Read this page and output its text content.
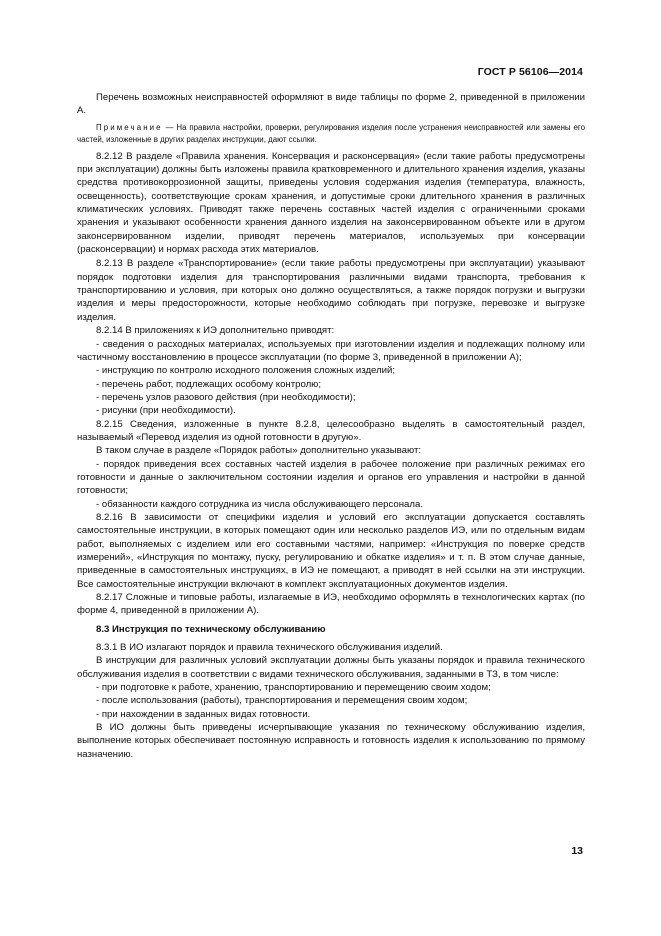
ГОСТ Р 56106—2014

Перечень возможных неисправностей оформляют в виде таблицы по форме 2, приведенной в приложении А.

Примечание — На правила настройки, проверки, регулирования изделия после устранения неисправностей или замены его частей, изложенные в других разделах инструкции, дают ссылки.

8.2.12 В разделе «Правила хранения. Консервация и расконсервация» (если такие работы предусмотрены при эксплуатации) должны быть изложены правила кратковременного и длительного хранения изделия, указаны средства противокоррозионной защиты, приведены условия содержания изделия (температура, влажность, освещенность), соответствующие срокам хранения, и допустимые сроки длительного хранения в различных климатических условиях. Приводят также перечень составных частей изделия с ограниченными сроками хранения и указывают особенности хранения данного изделия на законсервированном объекте или в другом законсервированном изделии, приводят перечень материалов, используемых при консервации (расконсервации) и нормах расхода этих материалов.

8.2.13 В разделе «Транспортирование» (если такие работы предусмотрены при эксплуатации) указывают порядок подготовки изделия для транспортирования различными видами транспорта, требования к транспортированию и условия, при которых оно должно осуществляться, а также порядок погрузки и выгрузки изделия и меры предосторожности, которые необходимо соблюдать при погрузке, перевозке и выгрузке изделия.

8.2.14 В приложениях к ИЭ дополнительно приводят:

- сведения о расходных материалах, используемых при изготовлении изделия и подлежащих полному или частичному восстановлению в процессе эксплуатации (по форме 3, приведенной в приложении А);

- инструкцию по контролю исходного положения сложных изделий;

- перечень работ, подлежащих особому контролю;

- перечень узлов разового действия (при необходимости);

- рисунки (при необходимости).

8.2.15 Сведения, изложенные в пункте 8.2.8, целесообразно выделять в самостоятельный раздел, называемый «Перевод изделия из одной готовности в другую».

В таком случае в разделе «Порядок работы» дополнительно указывают:

- порядок приведения всех составных частей изделия в рабочее положение при различных режимах его готовности и данные о заключительном состоянии изделия и органов его управления и настройки в данной готовности;

- обязанности каждого сотрудника из числа обслуживающего персонала.

8.2.16 В зависимости от специфики изделия и условий его эксплуатации допускается составлять самостоятельные инструкции, в которых помещают один или несколько разделов ИЭ, или по отдельным видам работ, выполняемых с изделием или его составными частями, например: «Инструкция по поверке средств измерений», «Инструкция по монтажу, пуску, регулированию и обкатке изделия» и т. п. В этом случае данные, приведенные в самостоятельных инструкциях, в ИЭ не помещают, а приводят в ней ссылки на эти инструкции. Все самостоятельные инструкции включают в комплект эксплуатационных документов изделия.

8.2.17 Сложные и типовые работы, излагаемые в ИЭ, необходимо оформлять в технологических картах (по форме 4, приведенной в приложении А).

8.3 Инструкция по техническому обслуживанию

8.3.1 В ИО излагают порядок и правила технического обслуживания изделий.

В инструкции для различных условий эксплуатации должны быть указаны порядок и правила технического обслуживания изделия в соответствии с видами технического обслуживания, заданными в ТЗ, в том числе:

- при подготовке к работе, хранению, транспортированию и перемещению своим ходом;

- после использования (работы), транспортирования и перемещения своим ходом;

- при нахождении в заданных видах готовности.

В ИО должны быть приведены исчерпывающие указания по техническому обслуживанию изделия, выполнение которых обеспечивает постоянную исправность и готовность изделия к использованию по прямому назначению.

13
